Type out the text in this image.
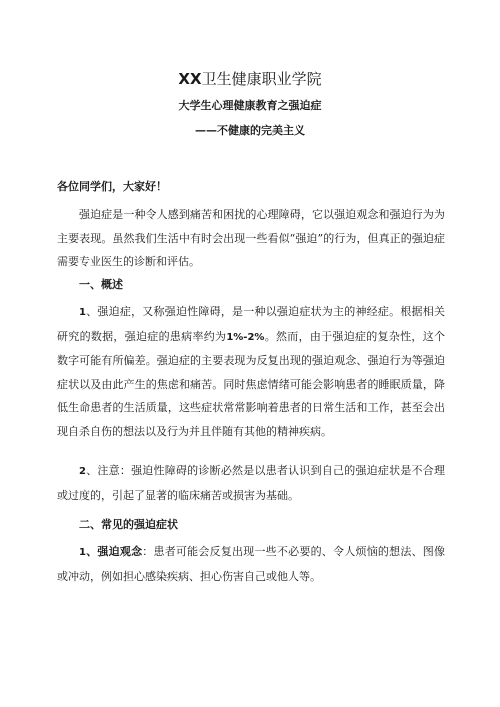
XX卫生健康职业学院
大学生心理健康教育之强迫症
——不健康的完美主义
各位同学们，大家好！
强迫症是一种令人感到痛苦和困扰的心理障碍，它以强迫观念和强迫行为为主要表现。虽然我们生活中有时会出现一些看似“强迫”的行为，但真正的强迫症需要专业医生的诊断和评估。
一、概述
1、强迫症，又称强迫性障碍，是一种以强迫症状为主的神经症。根据相关研究的数据，强迫症的患病率约为1%-2%。然而，由于强迫症的复杂性，这个数字可能有所偏差。强迫症的主要表现为反复出现的强迫观念、强迫行为等强迫症状以及由此产生的焦虑和痛苦。同时焦虑情绪可能会影响患者的睡眠质量，降低生命患者的生活质量，这些症状常常影响着患者的日常生活和工作，甚至会出现自杀自伤的想法以及行为并且伴随有其他的精神疾病。
2、注意：强迫性障碍的诊断必然是以患者认识到自己的强迫症状是不合理或过度的，引起了显著的临床痛苦或损害为基础。
二、常见的强迫症状
1、强迫观念：患者可能会反复出现一些不必要的、令人烦恼的想法、图像或冲动，例如担心感染疾病、担心伤害自己或他人等。
